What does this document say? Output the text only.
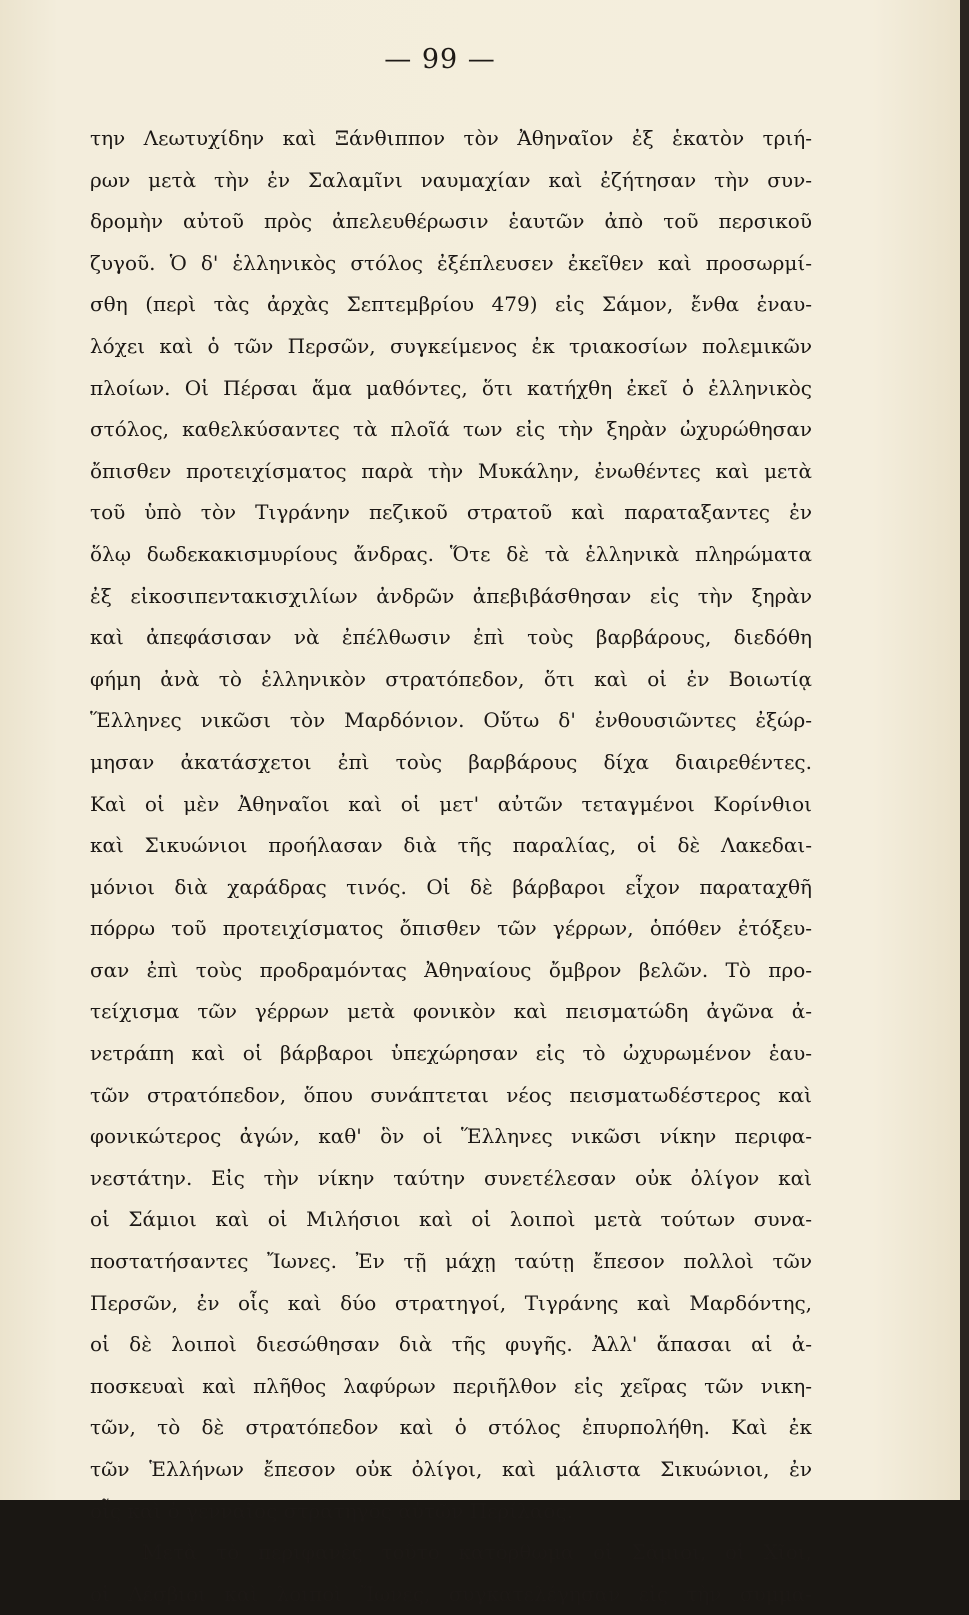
— 99 —
την Λεωτυχίδην καὶ Ξάνθιππον τὸν Ἀθηναῖον ἐξ ἑκατὸν τριή-
ρων μετὰ τὴν ἐν Σαλαμῖνι ναυμαχίαν καὶ ἐζήτησαν τὴν συν-
δρομὴν αὐτοῦ πρὸς ἀπελευθέρωσιν ἑαυτῶν ἀπὸ τοῦ περσικοῦ
ζυγοῦ. Ὁ δ' ἑλληνικὸς στόλος ἐξέπλευσεν ἐκεῖθεν καὶ προσωρμί-
σθη (περὶ τὰς ἀρχὰς Σεπτεμβρίου 479) εἰς Σάμον, ἔνθα ἐναυ-
λόχει καὶ ὁ τῶν Περσῶν, συγκείμενος ἐκ τριακοσίων πολεμικῶν
πλοίων. Οἱ Πέρσαι ἅμα μαθόντες, ὅτι κατήχθη ἐκεῖ ὁ ἑλληνικὸς
στόλος, καθελκύσαντες τὰ πλοῖά των εἰς τὴν ξηρὰν ὠχυρώθησαν
ὄπισθεν προτειχίσματος παρὰ τὴν Μυκάλην, ἐνωθέντες καὶ μετὰ
τοῦ ὑπὸ τὸν Τιγράνην πεζικοῦ στρατοῦ καὶ παραταξαντες ἐν
ὅλῳ δωδεκακισμυρίους ἄνδρας. Ὅτε δὲ τὰ ἑλληνικὰ πληρώματα
ἐξ εἰκοσιπεντακισχιλίων ἀνδρῶν ἀπεβιβάσθησαν εἰς τὴν ξηρὰν
καὶ ἀπεφάσισαν νὰ ἐπέλθωσιν ἐπὶ τοὺς βαρβάρους, διεδόθη
φήμη ἀνὰ τὸ ἑλληνικὸν στρατόπεδον, ὅτι καὶ οἱ ἐν Βοιωτίᾳ
Ἕλληνες νικῶσι τὸν Μαρδόνιον. Οὕτω δ' ἐνθουσιῶντες ἐξώρ-
μησαν ἀκατάσχετοι ἐπὶ τοὺς βαρβάρους δίχα διαιρεθέντες.
Καὶ οἱ μὲν Ἀθηναῖοι καὶ οἱ μετ' αὐτῶν τεταγμένοι Κορίνθιοι
καὶ Σικυώνιοι προήλασαν διὰ τῆς παραλίας, οἱ δὲ Λακεδαι-
μόνιοι διὰ χαράδρας τινός. Οἱ δὲ βάρβαροι εἶχον παραταχθῆ
πόρρω τοῦ προτειχίσματος ὄπισθεν τῶν γέρρων, ὁπόθεν ἐτόξευ-
σαν ἐπὶ τοὺς προδραμόντας Ἀθηναίους ὄμβρον βελῶν. Τὸ προ-
τείχισμα τῶν γέρρων μετὰ φονικὸν καὶ πεισματώδη ἀγῶνα ἀ-
νετράπη καὶ οἱ βάρβαροι ὑπεχώρησαν εἰς τὸ ὠχυρωμένον ἑαυ-
τῶν στρατόπεδον, ὅπου συνάπτεται νέος πεισματωδέστερος καὶ
φονικώτερος ἀγών, καθ' ὃν οἱ Ἕλληνες νικῶσι νίκην περιφα-
νεστάτην. Εἰς τὴν νίκην ταύτην συνετέλεσαν οὐκ ὀλίγον καὶ
οἱ Σάμιοι καὶ οἱ Μιλήσιοι καὶ οἱ λοιποὶ μετὰ τούτων συνα-
ποστατήσαντες Ἴωνες. Ἐν τῇ μάχῃ ταύτῃ ἔπεσον πολλοὶ τῶν
Περσῶν, ἐν οἷς καὶ δύο στρατηγοί, Τιγράνης καὶ Μαρδόντης,
οἱ δὲ λοιποὶ διεσώθησαν διὰ τῆς φυγῆς. Ἀλλ' ἅπασαι αἱ ἀ-
ποσκευαὶ καὶ πλῆθος λαφύρων περιῆλθον εἰς χεῖρας τῶν νικη-
τῶν, τὸ δὲ στρατόπεδον καὶ ὁ στόλος ἐπυρπολήθη. Καὶ ἐκ
τῶν Ἑλλήνων ἔπεσον οὐκ ὀλίγοι, καὶ μάλιστα Σικυώνιοι, ἐν
οἷς καὶ ὁ γενναῖος στρατηγὸς αὐτῶν Περίλαος.
Μετὰ τὸ περιφανὲς τοῦτο κατόρθωμα οἱ Σάμιοι, οἱ Χῖοι,
οἱ Λέσβιοι καὶ λοιποὶ Ἴωνες, συγκατελέγησαν εἰς τὴν συμμα-
